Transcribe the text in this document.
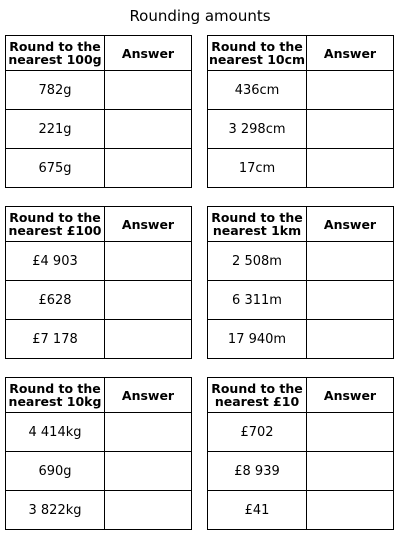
Rounding amounts
Round to the
nearest 100g	Answer
782g	
221g	
675g	
Round to the
nearest 10cm	Answer
436cm	
3 298cm	
17cm	
Round to the
nearest £100	Answer
£4 903	
£628	
£7 178	
Round to the
nearest 1km	Answer
2 508m	
6 311m	
17 940m	
Round to the
nearest 10kg	Answer
4 414kg	
690g	
3 822kg	
Round to the
nearest £10	Answer
£702	
£8 939	
£41	
